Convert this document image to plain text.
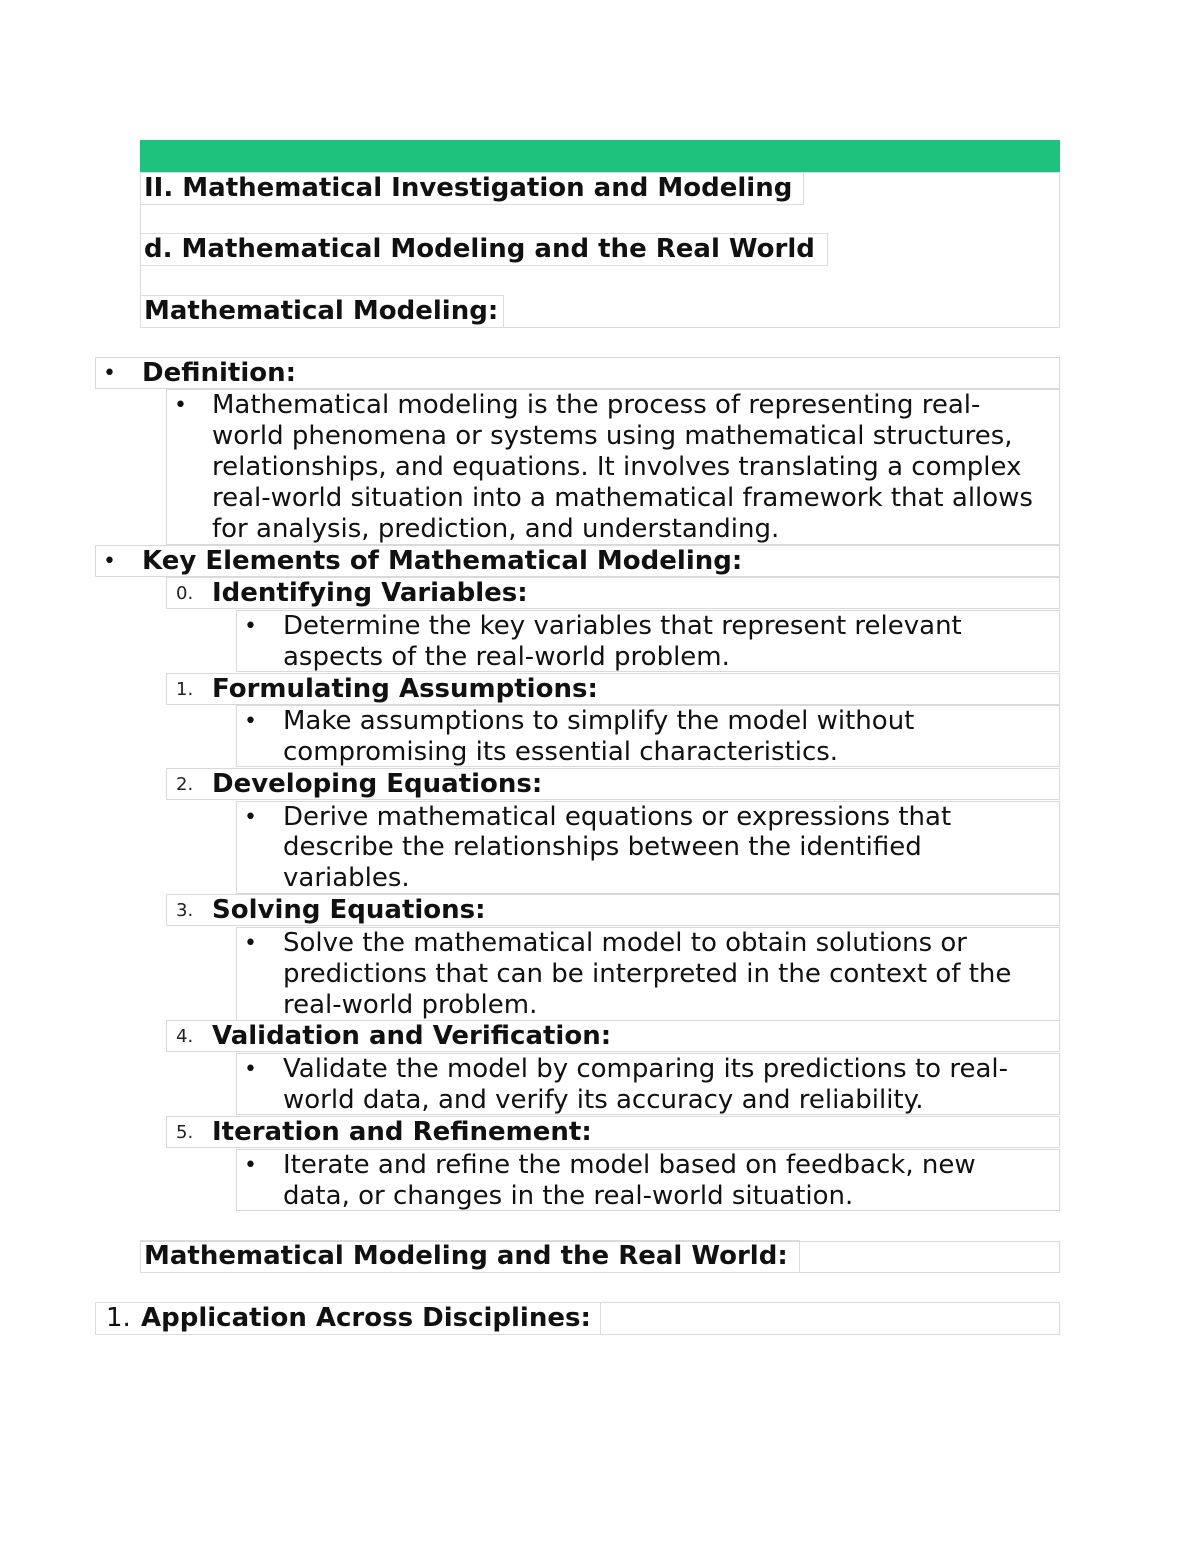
II. Mathematical Investigation and Modeling
d. Mathematical Modeling and the Real World
Mathematical Modeling:
• Definition:
• Mathematical modeling is the process of representing real-
world phenomena or systems using mathematical structures,
relationships, and equations. It involves translating a complex
real-world situation into a mathematical framework that allows
for analysis, prediction, and understanding.
• Key Elements of Mathematical Modeling:
0. Identifying Variables:
• Determine the key variables that represent relevant
aspects of the real-world problem.
1. Formulating Assumptions:
• Make assumptions to simplify the model without
compromising its essential characteristics.
2. Developing Equations:
• Derive mathematical equations or expressions that
describe the relationships between the identified
variables.
3. Solving Equations:
• Solve the mathematical model to obtain solutions or
predictions that can be interpreted in the context of the
real-world problem.
4. Validation and Verification:
• Validate the model by comparing its predictions to real-
world data, and verify its accuracy and reliability.
5. Iteration and Refinement:
• Iterate and refine the model based on feedback, new
data, or changes in the real-world situation.
Mathematical Modeling and the Real World:
1. Application Across Disciplines:
